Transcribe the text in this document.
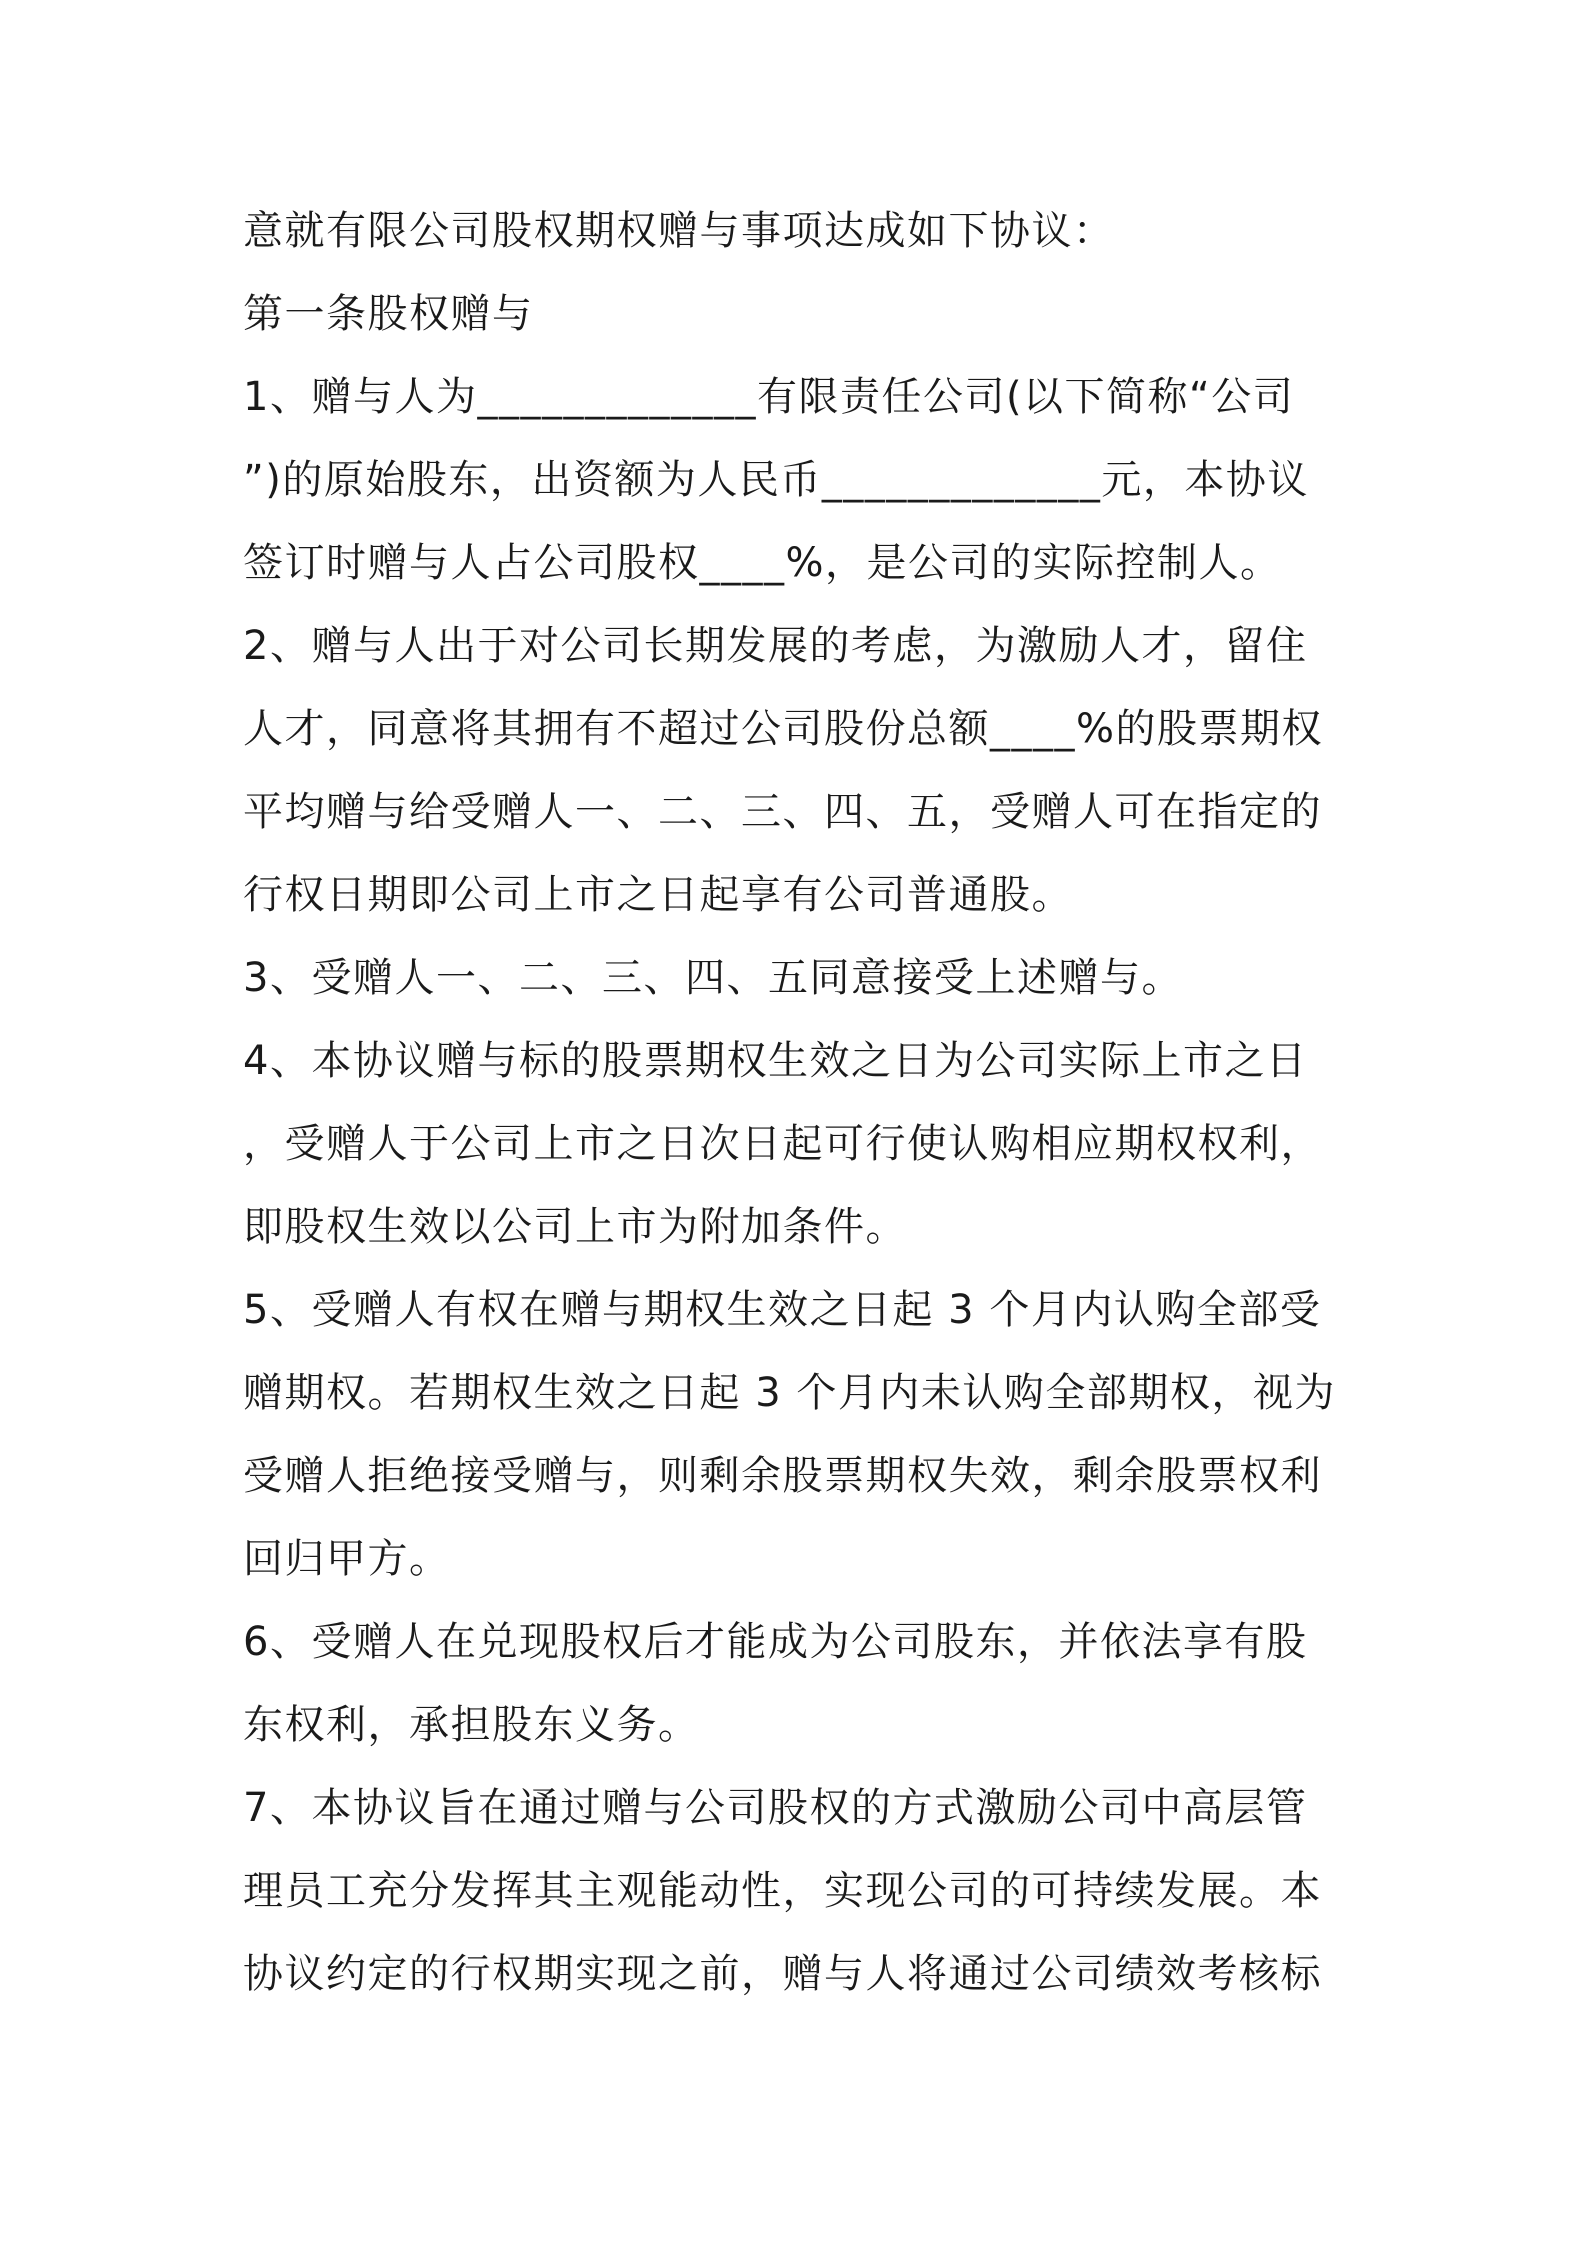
意就有限公司股权期权赠与事项达成如下协议：
第一条股权赠与
1、赠与人为_____________有限责任公司(以下简称“公司
”)的原始股东，出资额为人民币_____________元，本协议
签订时赠与人占公司股权____%，是公司的实际控制人。
2、赠与人出于对公司长期发展的考虑，为激励人才，留住
人才，同意将其拥有不超过公司股份总额____%的股票期权
平均赠与给受赠人一、二、三、四、五，受赠人可在指定的
行权日期即公司上市之日起享有公司普通股。
3、受赠人一、二、三、四、五同意接受上述赠与。
4、本协议赠与标的股票期权生效之日为公司实际上市之日
，受赠人于公司上市之日次日起可行使认购相应期权权利，
即股权生效以公司上市为附加条件。
5、受赠人有权在赠与期权生效之日起 3 个月内认购全部受
赠期权。若期权生效之日起 3 个月内未认购全部期权，视为
受赠人拒绝接受赠与，则剩余股票期权失效，剩余股票权利
回归甲方。
6、受赠人在兑现股权后才能成为公司股东，并依法享有股
东权利，承担股东义务。
7、本协议旨在通过赠与公司股权的方式激励公司中高层管
理员工充分发挥其主观能动性，实现公司的可持续发展。本
协议约定的行权期实现之前，赠与人将通过公司绩效考核标
